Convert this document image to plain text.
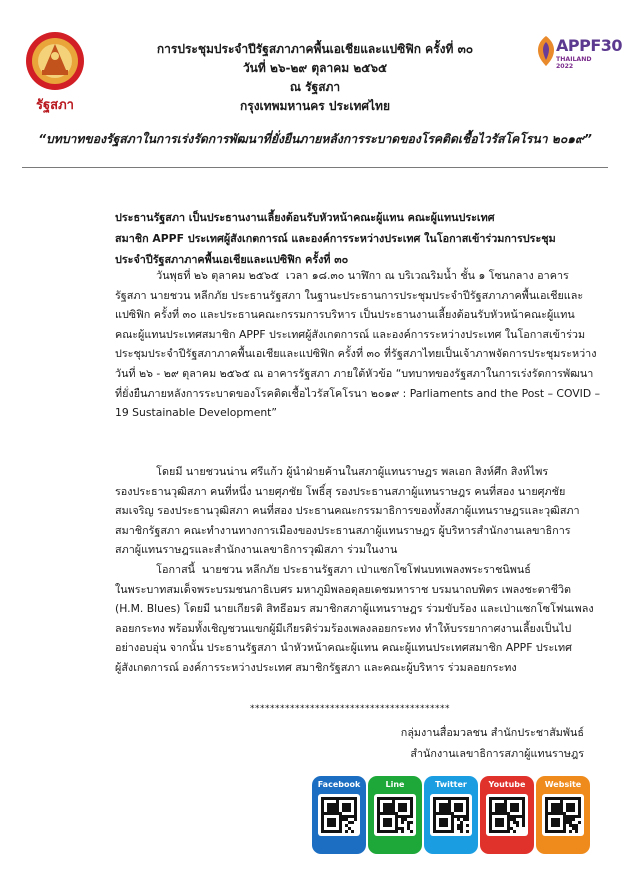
รัฐสภา
APPF30
THAILAND 2022
การประชุมประจำปีรัฐสภาภาคพื้นเอเชียและแปซิฟิก ครั้งที่ ๓๐
วันที่ ๒๖-๒๙ ตุลาคม ๒๕๖๕
ณ รัฐสภา
กรุงเทพมหานคร ประเทศไทย
“บทบาทของรัฐสภาในการเร่งรัดการพัฒนาที่ยั่งยืนภายหลังการระบาดของโรคติดเชื้อไวรัสโคโรนา ๒๐๑๙”
ประธานรัฐสภา เป็นประธานงานเลี้ยงต้อนรับหัวหน้าคณะผู้แทน คณะผู้แทนประเทศ
สมาชิก APPF ประเทศผู้สังเกตการณ์ และองค์การระหว่างประเทศ ในโอกาสเข้าร่วมการประชุม
ประจำปีรัฐสภาภาคพื้นเอเชียและแปซิฟิก ครั้งที่ ๓๐
วันพุธที่ ๒๖ ตุลาคม ๒๕๖๕  เวลา ๑๘.๓๐ นาฬิกา ณ บริเวณริมน้ำ ชั้น ๑ โซนกลาง อาคาร
รัฐสภา นายชวน หลีกภัย ประธานรัฐสภา ในฐานะประธานการประชุมประจำปีรัฐสภาภาคพื้นเอเชียและ
แปซิฟิก ครั้งที่ ๓๐ และประธานคณะกรรมการบริหาร เป็นประธานงานเลี้ยงต้อนรับหัวหน้าคณะผู้แทน
คณะผู้แทนประเทศสมาชิก APPF ประเทศผู้สังเกตการณ์ และองค์การระหว่างประเทศ ในโอกาสเข้าร่วม
ประชุมประจำปีรัฐสภาภาคพื้นเอเชียและแปซิฟิก ครั้งที่ ๓๐ ที่รัฐสภาไทยเป็นเจ้าภาพจัดการประชุมระหว่าง
วันที่ ๒๖ - ๒๙ ตุลาคม ๒๕๖๕ ณ อาคารรัฐสภา ภายใต้หัวข้อ “บทบาทของรัฐสภาในการเร่งรัดการพัฒนา
ที่ยั่งยืนภายหลังการระบาดของโรคติดเชื้อไวรัสโคโรนา ๒๐๑๙ : Parliaments and the Post – COVID –
19 Sustainable Development”
โดยมี นายชวนน่าน ศรีแก้ว ผู้นำฝ่ายค้านในสภาผู้แทนราษฎร พลเอก สิงห์ศึก สิงห์ไพร
รองประธานวุฒิสภา คนที่หนึ่ง นายศุภชัย โพธิ์สุ รองประธานสภาผู้แทนราษฎร คนที่สอง นายศุภชัย
สมเจริญ รองประธานวุฒิสภา คนที่สอง ประธานคณะกรรมาธิการของทั้งสภาผู้แทนราษฎรและวุฒิสภา
สมาชิกรัฐสภา คณะทำงานทางการเมืองของประธานสภาผู้แทนราษฎร ผู้บริหารสำนักงานเลขาธิการ
สภาผู้แทนราษฎรและสำนักงานเลขาธิการวุฒิสภา ร่วมในงาน
โอกาสนี้  นายชวน หลีกภัย ประธานรัฐสภา เป่าแซกโซโฟนบทเพลงพระราชนิพนธ์
ในพระบาทสมเด็จพระบรมชนกาธิเบศร มหาภูมิพลอดุลยเดชมหาราช บรมนาถบพิตร เพลงชะตาชีวิต
(H.M. Blues) โดยมี นายเกียรติ สิทธีอมร สมาชิกสภาผู้แทนราษฎร ร่วมขับร้อง และเป่าแซกโซโฟนเพลง
ลอยกระทง พร้อมทั้งเชิญชวนแขกผู้มีเกียรติร่วมร้องเพลงลอยกระทง ทำให้บรรยากาศงานเลี้ยงเป็นไป
อย่างอบอุ่น จากนั้น ประธานรัฐสภา นำหัวหน้าคณะผู้แทน คณะผู้แทนประเทศสมาชิก APPF ประเทศ
ผู้สังเกตการณ์ องค์การระหว่างประเทศ สมาชิกรัฐสภา และคณะผู้บริหาร ร่วมลอยกระทง
****************************************
กลุ่มงานสื่อมวลชน สำนักประชาสัมพันธ์
สำนักงานเลขาธิการสภาผู้แทนราษฎร
Facebook	Line	Twitter	Youtube	Website
